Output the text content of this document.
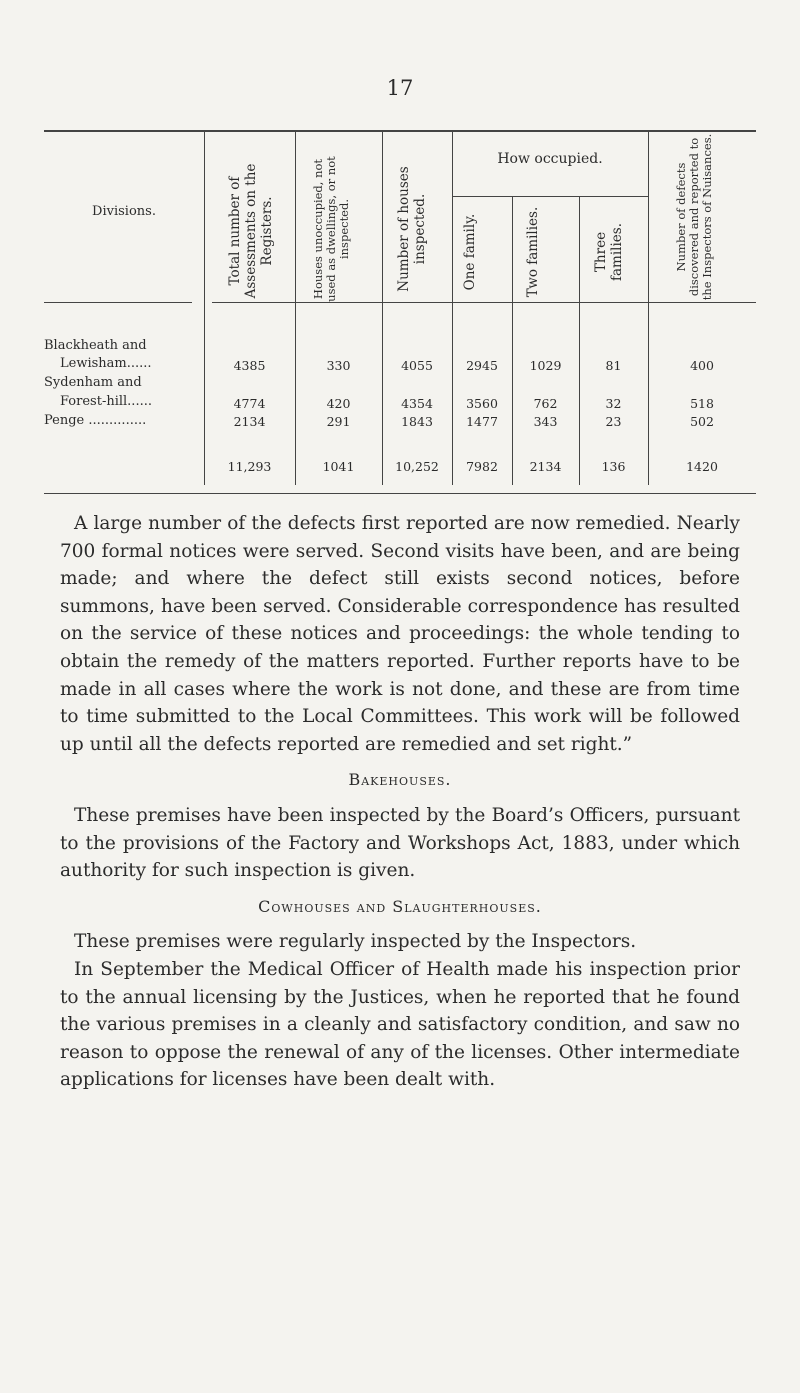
17
Divisions.	Total number of Assessments on the Registers.	Houses unoccupied, not used as dwellings, or not inspected.	Number of houses inspected.
How occupied.
One family.	Two families.	Three families.	Number of defects discovered and reported to the Inspectors of Nuisances.
Blackheath and
Lewisham......	4385	330	4055	2945	1029	81	400
Sydenham and
Forest-hill......	4774	420	4354	3560	762	32	518
Penge ..............	2134	291	1843	1477	343	23	502
11,293	1041	10,252	7982	2134	136	1420

A large number of the defects first reported are now remedied. Nearly 700 formal notices were served. Second visits have been, and are being made; and where the defect still exists second notices, before summons, have been served. Considerable correspondence has resulted on the service of these notices and proceedings: the whole tending to obtain the remedy of the matters reported. Further reports have to be made in all cases where the work is not done, and these are from time to time submitted to the Local Committees. This work will be followed up until all the defects reported are remedied and set right.”

Bakehouses.

These premises have been inspected by the Board’s Officers, pursuant to the provisions of the Factory and Workshops Act, 1883, under which authority for such inspection is given.

Cowhouses and Slaughterhouses.

These premises were regularly inspected by the Inspectors.

In September the Medical Officer of Health made his inspection prior to the annual licensing by the Justices, when he reported that he found the various premises in a cleanly and satisfactory condition, and saw no reason to oppose the renewal of any of the licenses. Other intermediate applications for licenses have been dealt with.
